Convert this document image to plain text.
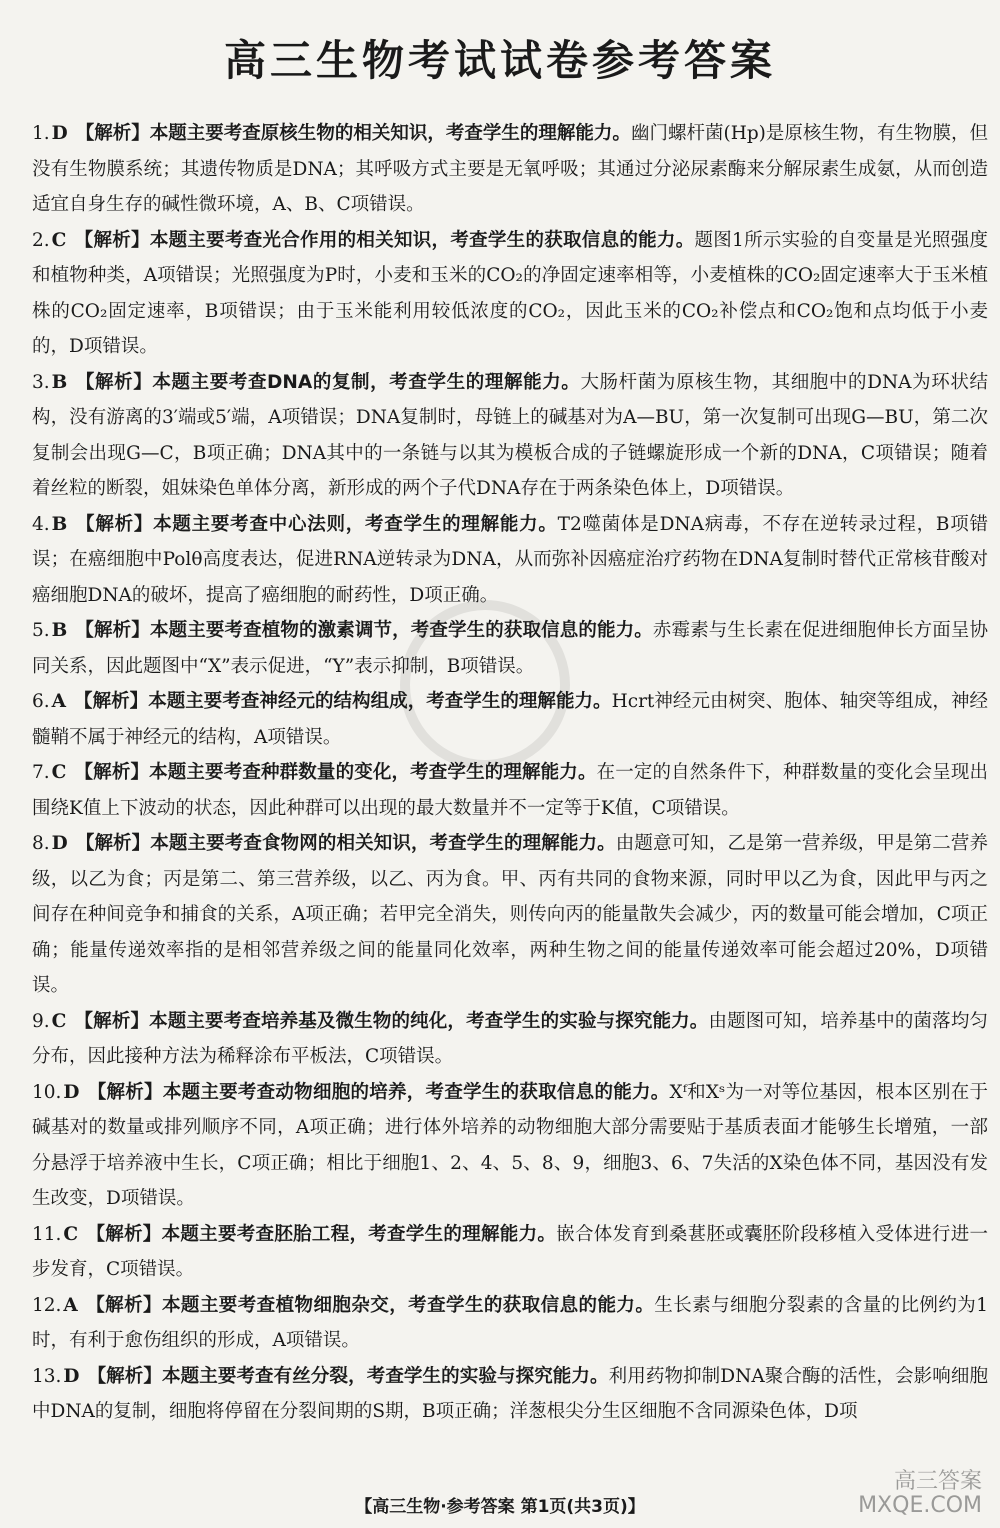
高三生物考试试卷参考答案

1. D 【解析】本题主要考查原核生物的相关知识，考查学生的理解能力。幽门螺杆菌(Hp)是原核生物，有生物膜，但没有生物膜系统；其遗传物质是DNA；其呼吸方式主要是无氧呼吸；其通过分泌尿素酶来分解尿素生成氨，从而创造适宜自身生存的碱性微环境，A、B、C项错误。

2. C 【解析】本题主要考查光合作用的相关知识，考查学生的获取信息的能力。题图1所示实验的自变量是光照强度和植物种类，A项错误；光照强度为P时，小麦和玉米的CO₂的净固定速率相等，小麦植株的CO₂固定速率大于玉米植株的CO₂固定速率，B项错误；由于玉米能利用较低浓度的CO₂，因此玉米的CO₂补偿点和CO₂饱和点均低于小麦的，D项错误。

3. B 【解析】本题主要考查DNA的复制，考查学生的理解能力。大肠杆菌为原核生物，其细胞中的DNA为环状结构，没有游离的3′端或5′端，A项错误；DNA复制时，母链上的碱基对为A—BU，第一次复制可出现G—BU，第二次复制会出现G—C，B项正确；DNA其中的一条链与以其为模板合成的子链螺旋形成一个新的DNA，C项错误；随着着丝粒的断裂，姐妹染色单体分离，新形成的两个子代DNA存在于两条染色体上，D项错误。

4. B 【解析】本题主要考查中心法则，考查学生的理解能力。T2噬菌体是DNA病毒，不存在逆转录过程，B项错误；在癌细胞中Polθ高度表达，促进RNA逆转录为DNA，从而弥补因癌症治疗药物在DNA复制时替代正常核苷酸对癌细胞DNA的破坏，提高了癌细胞的耐药性，D项正确。

5. B 【解析】本题主要考查植物的激素调节，考查学生的获取信息的能力。赤霉素与生长素在促进细胞伸长方面呈协同关系，因此题图中“X”表示促进，“Y”表示抑制，B项错误。

6. A 【解析】本题主要考查神经元的结构组成，考查学生的理解能力。Hcrt神经元由树突、胞体、轴突等组成，神经髓鞘不属于神经元的结构，A项错误。

7. C 【解析】本题主要考查种群数量的变化，考查学生的理解能力。在一定的自然条件下，种群数量的变化会呈现出围绕K值上下波动的状态，因此种群可以出现的最大数量并不一定等于K值，C项错误。

8. D 【解析】本题主要考查食物网的相关知识，考查学生的理解能力。由题意可知，乙是第一营养级，甲是第二营养级，以乙为食；丙是第二、第三营养级，以乙、丙为食。甲、丙有共同的食物来源，同时甲以乙为食，因此甲与丙之间存在种间竞争和捕食的关系，A项正确；若甲完全消失，则传向丙的能量散失会减少，丙的数量可能会增加，C项正确；能量传递效率指的是相邻营养级之间的能量同化效率，两种生物之间的能量传递效率可能会超过20%，D项错误。

9. C 【解析】本题主要考查培养基及微生物的纯化，考查学生的实验与探究能力。由题图可知，培养基中的菌落均匀分布，因此接种方法为稀释涂布平板法，C项错误。

10. D 【解析】本题主要考查动物细胞的培养，考查学生的获取信息的能力。Xᶠ和Xˢ为一对等位基因，根本区别在于碱基对的数量或排列顺序不同，A项正确；进行体外培养的动物细胞大部分需要贴于基质表面才能够生长增殖，一部分悬浮于培养液中生长，C项正确；相比于细胞1、2、4、5、8、9，细胞3、6、7失活的X染色体不同，基因没有发生改变，D项错误。

11. C 【解析】本题主要考查胚胎工程，考查学生的理解能力。嵌合体发育到桑葚胚或囊胚阶段移植入受体进行进一步发育，C项错误。

12. A 【解析】本题主要考查植物细胞杂交，考查学生的获取信息的能力。生长素与细胞分裂素的含量的比例约为1时，有利于愈伤组织的形成，A项错误。

13. D 【解析】本题主要考查有丝分裂，考查学生的实验与探究能力。利用药物抑制DNA聚合酶的活性，会影响细胞中DNA的复制，细胞将停留在分裂间期的S期，B项正确；洋葱根尖分生区细胞不含同源染色体，D项

【高三生物·参考答案 第1页(共3页)】
高三答案
MXQE.COM
